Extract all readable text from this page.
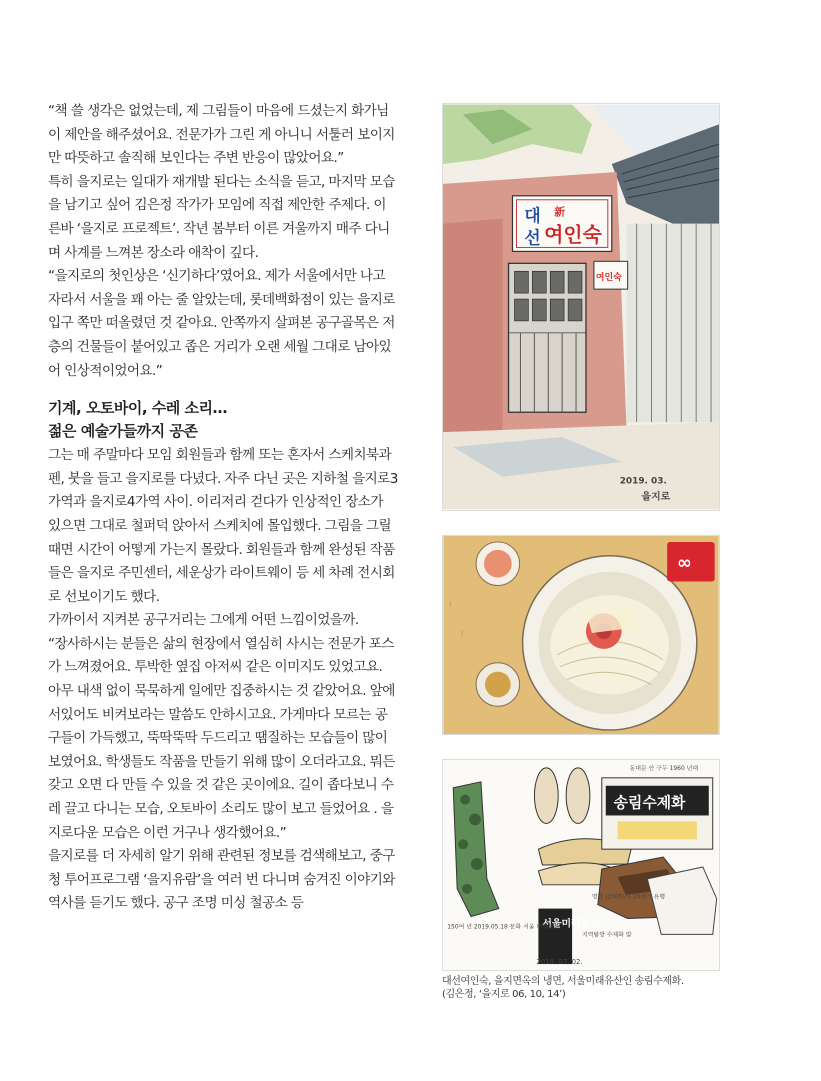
“책 쓸 생각은 없었는데, 제 그림들이 마음에 드셨는지 화가님이 제안을 해주셨어요. 전문가가 그린 게 아니니 서툴러 보이지만 따뜻하고 솔직해 보인다는 주변 반응이 많았어요.”

특히 을지로는 일대가 재개발 된다는 소식을 듣고, 마지막 모습을 남기고 싶어 김은정 작가가 모임에 직접 제안한 주제다. 이른바 ‘을지로 프로젝트’. 작년 봄부터 이른 겨울까지 매주 다니며 사계를 느껴본 장소라 애착이 깊다.

“을지로의 첫인상은 ‘신기하다’였어요. 제가 서울에서만 나고 자라서 서울을 꽤 아는 줄 알았는데, 롯데백화점이 있는 을지로입구 쪽만 떠올렸던 것 같아요. 안쪽까지 살펴본 공구골목은 저층의 건물들이 붙어있고 좁은 거리가 오랜 세월 그대로 남아있어 인상적이었어요.”

기계, 오토바이, 수레 소리…
젊은 예술가들까지 공존

그는 매 주말마다 모임 회원들과 함께 또는 혼자서 스케치북과 펜, 붓을 들고 을지로를 다녔다. 자주 다닌 곳은 지하철 을지로3가역과 을지로4가역 사이. 이리저리 걷다가 인상적인 장소가 있으면 그대로 철퍼덕 앉아서 스케치에 몰입했다. 그림을 그릴 때면 시간이 어떻게 가는지 몰랐다. 회원들과 함께 완성된 작품들은 을지로 주민센터, 세운상가 라이트웨이 등 세 차례 전시회로 선보이기도 했다.

가까이서 지켜본 공구거리는 그에게 어떤 느낌이었을까.

“장사하시는 분들은 삶의 현장에서 열심히 사시는 전문가 포스가 느껴졌어요. 투박한 옆집 아저씨 같은 이미지도 있었고요. 아무 내색 없이 묵묵하게 일에만 집중하시는 것 같았어요. 앞에 서있어도 비켜보라는 말씀도 안하시고요. 가게마다 모르는 공구들이 가득했고, 뚝딱뚝딱 두드리고 땜질하는 모습들이 많이 보였어요. 학생들도 작품을 만들기 위해 많이 오더라고요. 뭐든 갖고 오면 다 만들 수 있을 것 같은 곳이에요. 길이 좁다보니 수레 끌고 다니는 모습, 오토바이 소리도 많이 보고 들었어요 . 을지로다운 모습은 이런 거구나 생각했어요.”

을지로를 더 자세히 알기 위해 관련된 정보를 검색해보고, 중구청 투어프로그램 ‘을지유람’을 여러 번 다니며 숨겨진 이야기와 역사를 듣기도 했다. 공구 조명 미싱 철공소 등

대
선
新
여인숙
여인숙
2019. 03.
을지로
∞
⋮
⋮
송림수제화
서울미래유산
동대문 안 구두 1960 년대
명함 (2005년) 20세기 유행
150여 년 2019.05.18 문화 서울 미래유산
지역탐방 수제화 발
2019. 07. 02.
대선여인숙, 을지면옥의 냉면, 서울미래유산인 송림수제화.
(김은정, ‘을지로 06, 10, 14’)
